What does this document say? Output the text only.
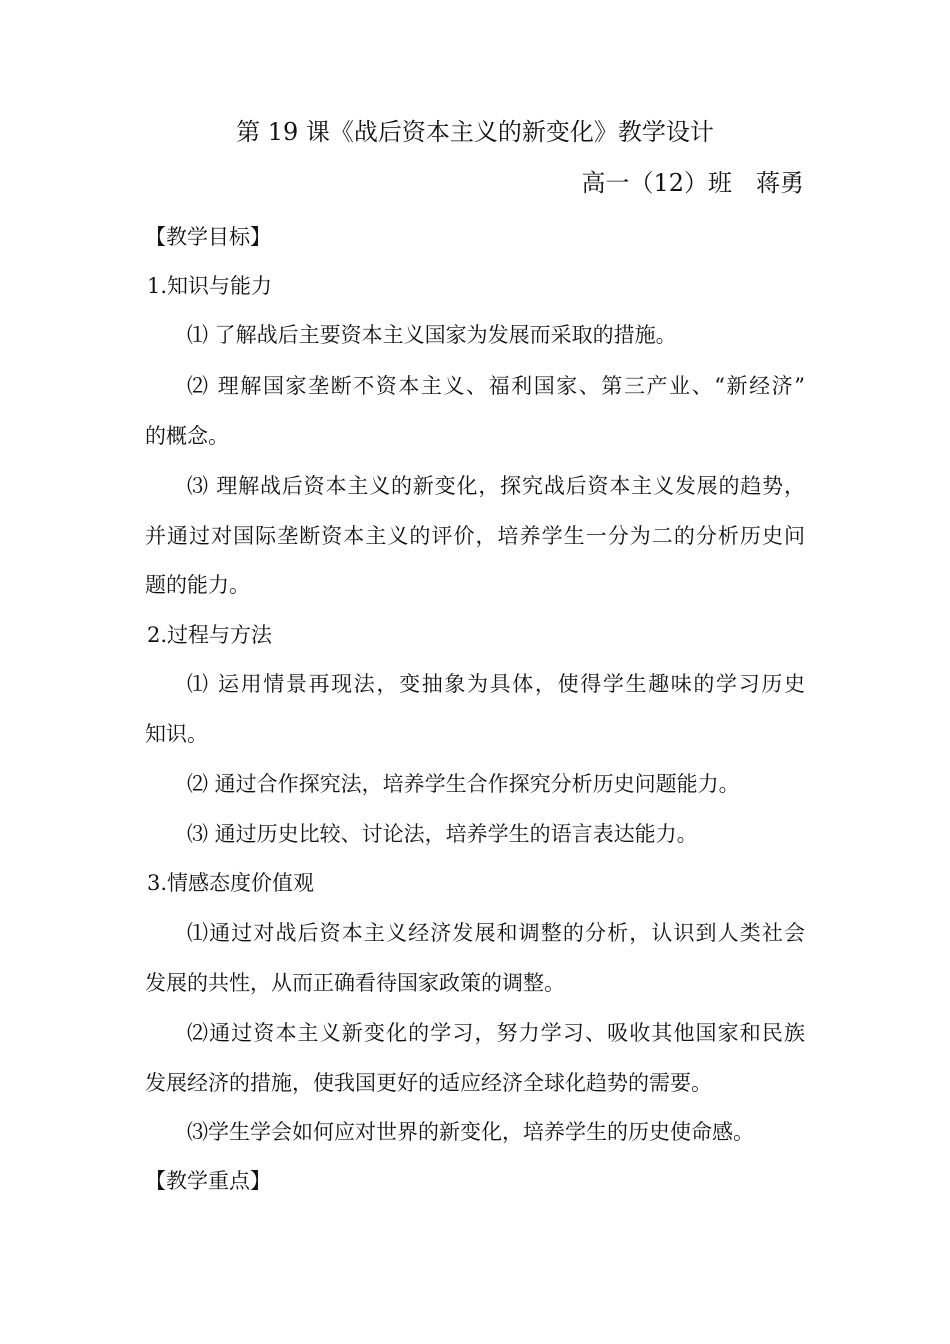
第 19 课《战后资本主义的新变化》教学设计
高一（12）班　蒋勇
【教学目标】
1.知识与能力
⑴ 了解战后主要资本主义国家为发展而采取的措施。
⑵ 理解国家垄断不资本主义、福利国家、第三产业、“新经济”
的概念。
⑶ 理解战后资本主义的新变化，探究战后资本主义发展的趋势，
并通过对国际垄断资本主义的评价，培养学生一分为二的分析历史问
题的能力。
2.过程与方法
⑴ 运用情景再现法，变抽象为具体，使得学生趣味的学习历史
知识。
⑵ 通过合作探究法，培养学生合作探究分析历史问题能力。
⑶ 通过历史比较、讨论法，培养学生的语言表达能力。
3.情感态度价值观
⑴通过对战后资本主义经济发展和调整的分析，认识到人类社会
发展的共性，从而正确看待国家政策的调整。
⑵通过资本主义新变化的学习，努力学习、吸收其他国家和民族
发展经济的措施，使我国更好的适应经济全球化趋势的需要。
⑶学生学会如何应对世界的新变化，培养学生的历史使命感。
【教学重点】
